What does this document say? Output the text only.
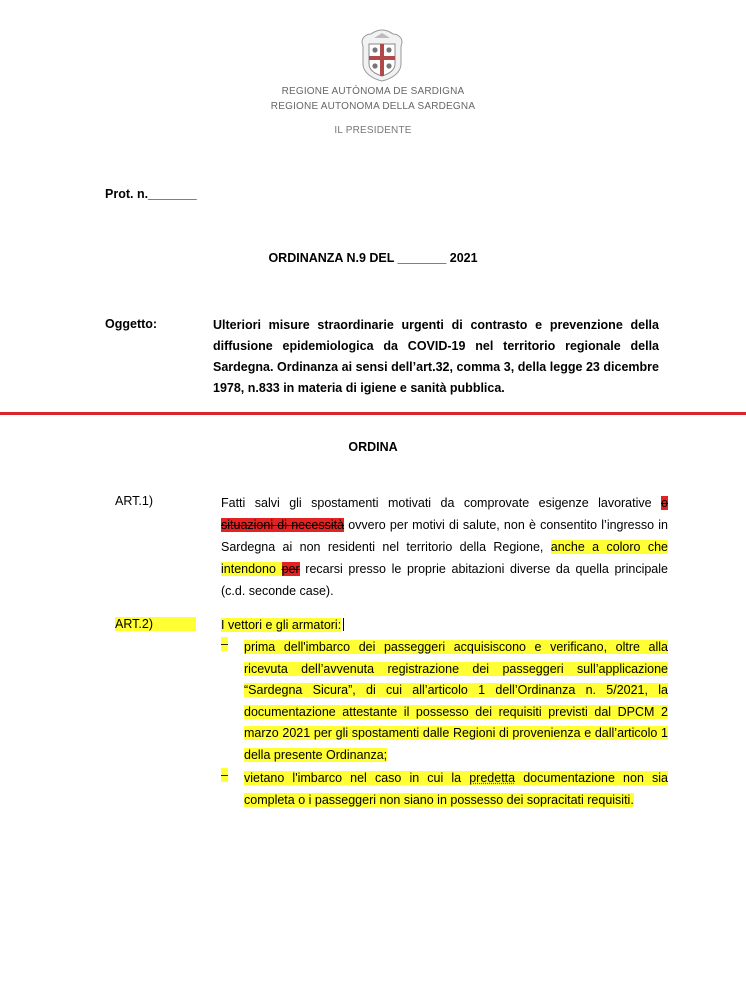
REGIONE AUTÒNOMA DE SARDIGNA
REGIONE AUTONOMA DELLA SARDEGNA
IL PRESIDENTE
Prot. n._______
ORDINANZA N.9 DEL _______ 2021
Oggetto:	Ulteriori misure straordinarie urgenti di contrasto e prevenzione della diffusione epidemiologica da COVID-19 nel territorio regionale della Sardegna. Ordinanza ai sensi dell’art.32, comma 3, della legge 23 dicembre 1978, n.833 in materia di igiene e sanità pubblica.
ORDINA
ART.1)	Fatti salvi gli spostamenti motivati da comprovate esigenze lavorative o situazioni di necessità ovvero per motivi di salute, non è consentito l’ingresso in Sardegna ai non residenti nel territorio della Regione, anche a coloro che intendono per recarsi presso le proprie abitazioni diverse da quella principale (c.d. seconde case).
ART.2)	I vettori e gli armatori:
– prima dell'imbarco dei passeggeri acquisiscono e verificano, oltre alla ricevuta dell’avvenuta registrazione dei passeggeri sull’applicazione “Sardegna Sicura”, di cui all’articolo 1 dell’Ordinanza n. 5/2021, la documentazione attestante il possesso dei requisiti previsti dal DPCM 2 marzo 2021 per gli spostamenti dalle Regioni di provenienza e dall’articolo 1 della presente Ordinanza;
– vietano l'imbarco nel caso in cui la predetta documentazione non sia completa o i passeggeri non siano in possesso dei sopracitati requisiti.
